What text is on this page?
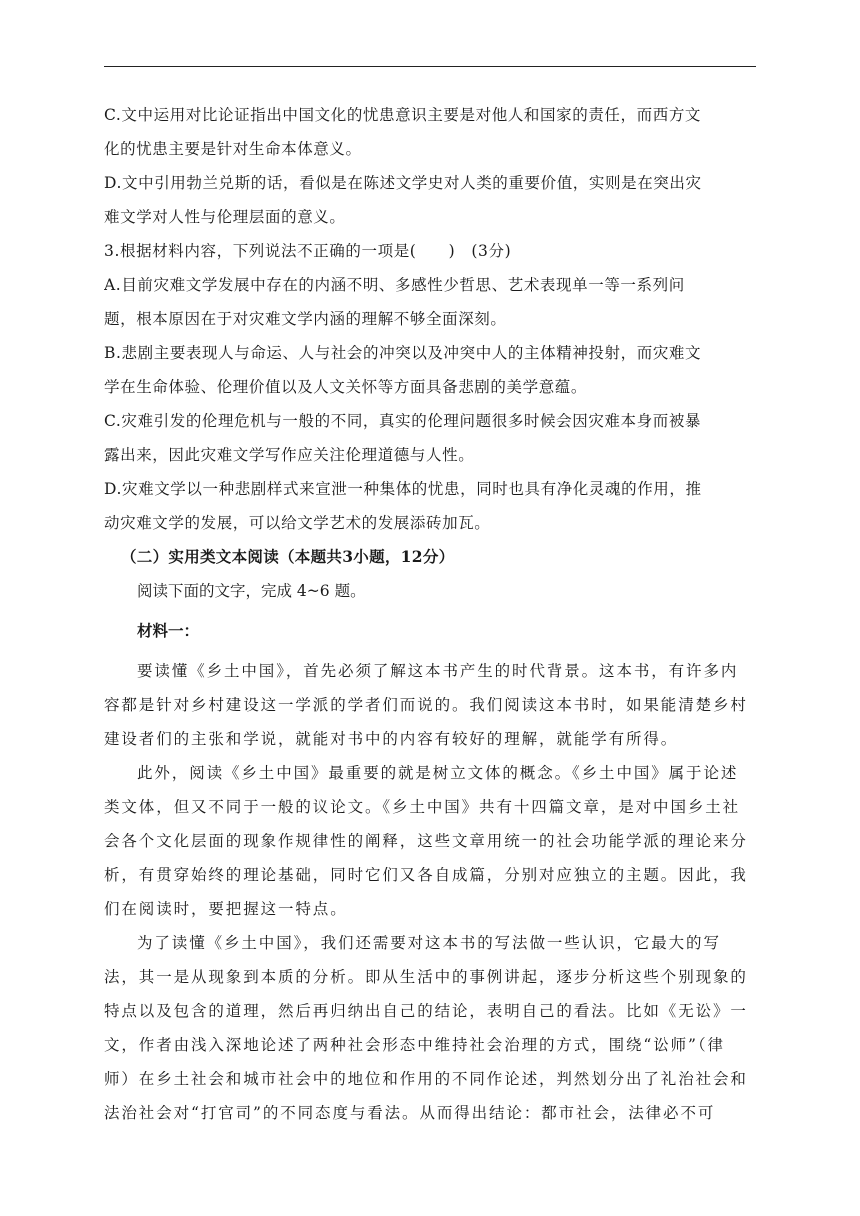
C.文中运用对比论证指出中国文化的忧患意识主要是对他人和国家的责任，而西方文
化的忧患主要是针对生命本体意义。
D.文中引用勃兰兑斯的话，看似是在陈述文学史对人类的重要价值，实则是在突出灾
难文学对人性与伦理层面的意义。
3.根据材料内容，下列说法不正确的一项是(　　)　(3分)
A.目前灾难文学发展中存在的内涵不明、多感性少哲思、艺术表现单一等一系列问
题，根本原因在于对灾难文学内涵的理解不够全面深刻。
B.悲剧主要表现人与命运、人与社会的冲突以及冲突中人的主体精神投射，而灾难文
学在生命体验、伦理价值以及人文关怀等方面具备悲剧的美学意蕴。
C.灾难引发的伦理危机与一般的不同，真实的伦理问题很多时候会因灾难本身而被暴
露出来，因此灾难文学写作应关注伦理道德与人性。
D.灾难文学以一种悲剧样式来宣泄一种集体的忧患，同时也具有净化灵魂的作用，推
动灾难文学的发展，可以给文学艺术的发展添砖加瓦。
（二）实用类文本阅读（本题共3小题，12分）
阅读下面的文字，完成 4~6 题。
材料一：
要读懂《乡土中国》，首先必须了解这本书产生的时代背景。这本书，有许多内
容都是针对乡村建设这一学派的学者们而说的。我们阅读这本书时，如果能清楚乡村
建设者们的主张和学说，就能对书中的内容有较好的理解，就能学有所得。
此外，阅读《乡土中国》最重要的就是树立文体的概念。《乡土中国》属于论述
类文体，但又不同于一般的议论文。《乡土中国》共有十四篇文章，是对中国乡土社
会各个文化层面的现象作规律性的阐释，这些文章用统一的社会功能学派的理论来分
析，有贯穿始终的理论基础，同时它们又各自成篇，分别对应独立的主题。因此，我
们在阅读时，要把握这一特点。
为了读懂《乡土中国》，我们还需要对这本书的写法做一些认识，它最大的写
法，其一是从现象到本质的分析。即从生活中的事例讲起，逐步分析这些个别现象的
特点以及包含的道理，然后再归纳出自己的结论，表明自己的看法。比如《无讼》一
文，作者由浅入深地论述了两种社会形态中维持社会治理的方式，围绕“讼师”（律
师）在乡土社会和城市社会中的地位和作用的不同作论述，判然划分出了礼治社会和
法治社会对“打官司”的不同态度与看法。从而得出结论：都市社会，法律必不可
